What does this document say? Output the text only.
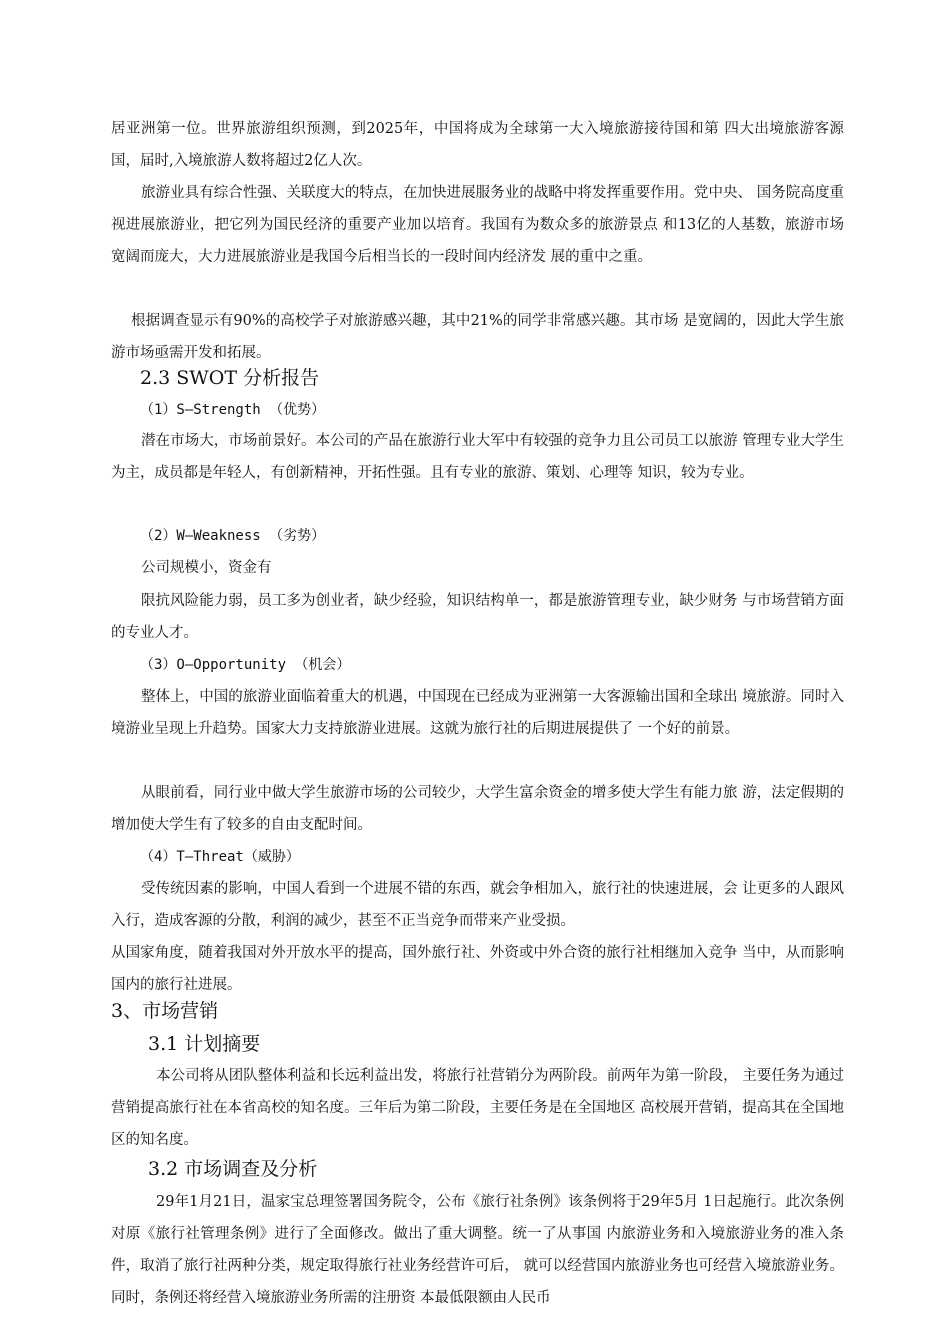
居亚洲第一位。世界旅游组织预测，到2025年，中国将成为全球第一大入境旅游接待国和第 四大出境旅游客源国，届时,入境旅游人数将超过2亿人次。

旅游业具有综合性强、关联度大的特点，在加快进展服务业的战略中将发挥重要作用。党中央、 国务院高度重视进展旅游业，把它列为国民经济的重要产业加以培育。我国有为数众多的旅游景点 和13亿的人基数，旅游市场宽阔而庞大，大力进展旅游业是我国今后相当长的一段时间内经济发 展的重中之重。

根据调查显示有90%的高校学子对旅游感兴趣，其中21%的同学非常感兴趣。其市场 是宽阔的，因此大学生旅游市场亟需开发和拓展。

2.3 SWOT 分析报告
（1）S—Strength （优势）

潜在市场大，市场前景好。本公司的产品在旅游行业大军中有较强的竞争力且公司员工以旅游 管理专业大学生为主，成员都是年轻人，有创新精神，开拓性强。且有专业的旅游、策划、心理等 知识，较为专业。

（2）W—Weakness （劣势）

公司规模小，资金有

限抗风险能力弱，员工多为创业者，缺少经验，知识结构单一，都是旅游管理专业，缺少财务 与市场营销方面的专业人才。

（3）O—Opportunity （机会）

整体上，中国的旅游业面临着重大的机遇，中国现在已经成为亚洲第一大客源输出国和全球出 境旅游。同时入境游业呈现上升趋势。国家大力支持旅游业进展。这就为旅行社的后期进展提供了 一个好的前景。

从眼前看，同行业中做大学生旅游市场的公司较少，大学生富余资金的增多使大学生有能力旅 游，法定假期的增加使大学生有了较多的自由支配时间。

（4）T—Threat（威胁）

受传统因素的影响，中国人看到一个进展不错的东西，就会争相加入，旅行社的快速进展，会 让更多的人跟风入行，造成客源的分散，利润的减少，甚至不正当竞争而带来产业受损。

从国家角度，随着我国对外开放水平的提高，国外旅行社、外资或中外合资的旅行社相继加入竞争 当中，从而影响国内的旅行社进展。

3、市场营销
3.1 计划摘要

本公司将从团队整体利益和长远利益出发，将旅行社营销分为两阶段。前两年为第一阶段， 主要任务为通过营销提高旅行社在本省高校的知名度。三年后为第二阶段，主要任务是在全国地区 高校展开营销，提高其在全国地区的知名度。

3.2 市场调查及分析

29年1月21日，温家宝总理签署国务院令，公布《旅行社条例》该条例将于29年5月 1日起施行。此次条例对原《旅行社管理条例》进行了全面修改。做出了重大调整。统一了从事国 内旅游业务和入境旅游业务的准入条件，取消了旅行社两种分类，规定取得旅行社业务经营许可后， 就可以经营国内旅游业务也可经营入境旅游业务。同时，条例还将经营入境旅游业务所需的注册资 本最低限额由人民币
